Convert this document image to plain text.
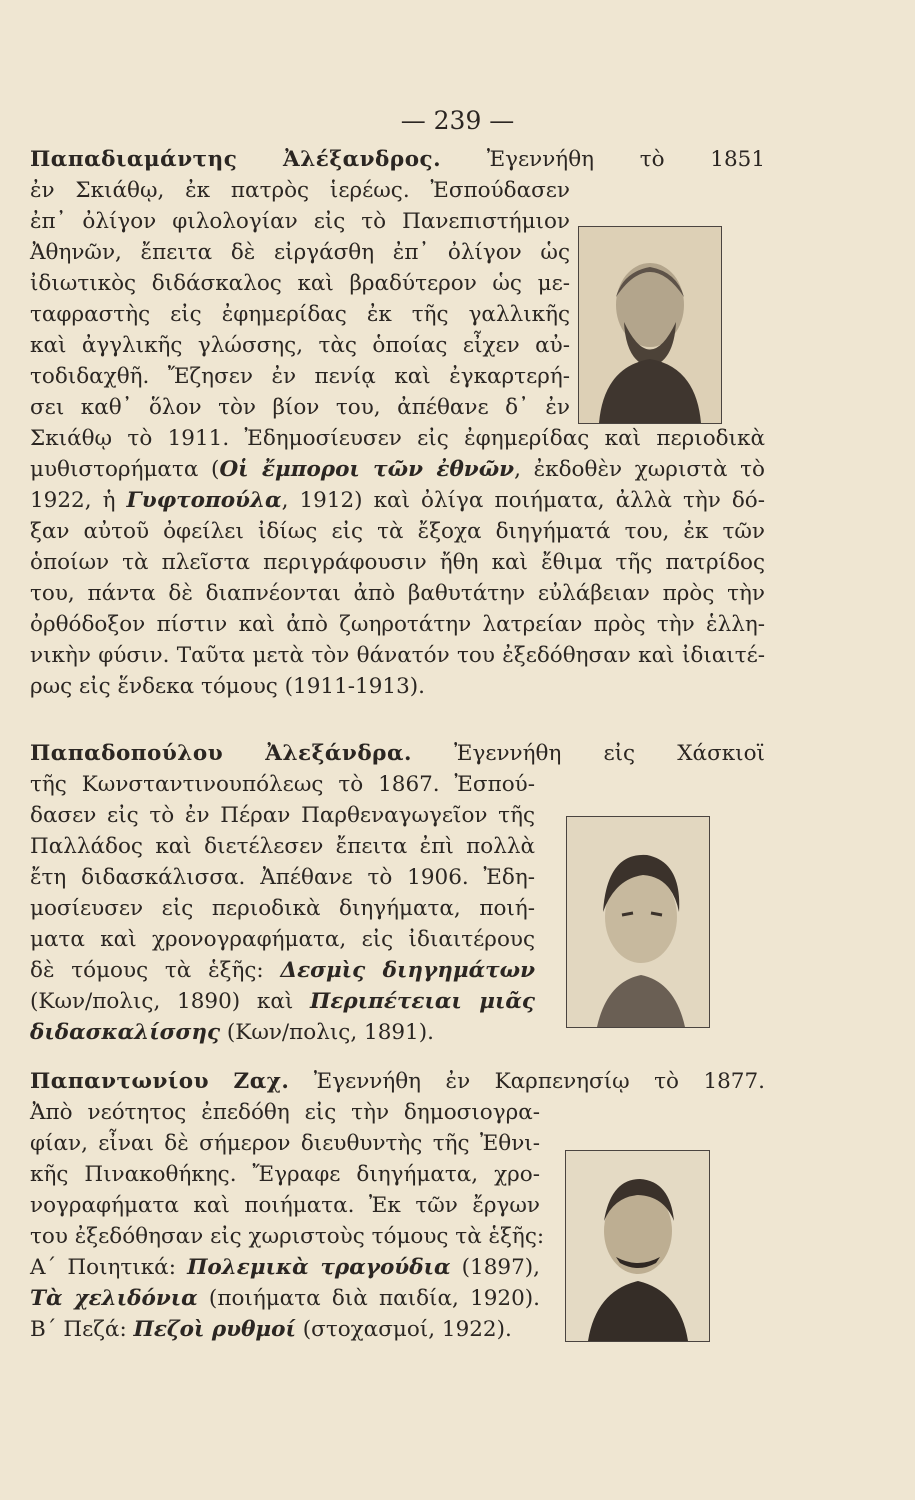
— 239 —
Παπαδιαμάντης Ἀλέξανδρος. Ἐγεννήθη τὸ 1851
ἐν Σκιάθῳ, ἐκ πατρὸς ἱερέως. Ἐσπούδασεν
ἐπ᾿ ὀλίγον φιλολογίαν εἰς τὸ Πανεπιστήμιον
Ἀθηνῶν, ἔπειτα δὲ εἰργάσθη ἐπ᾿ ὀλίγον ὡς
ἰδιωτικὸς διδάσκαλος καὶ βραδύτερον ὡς με-
ταφραστὴς εἰς ἐφημερίδας ἐκ τῆς γαλλικῆς
καὶ ἀγγλικῆς γλώσσης, τὰς ὁποίας εἶχεν αὐ-
τοδιδαχθῆ. Ἔζησεν ἐν πενίᾳ καὶ ἐγκαρτερή-
σει καθ᾿ ὅλον τὸν βίον του, ἀπέθανε δ᾿ ἐν
Σκιάθῳ τὸ 1911. Ἐδημοσίευσεν εἰς ἐφημερίδας καὶ περιοδικὰ
μυθιστορήματα (Οἱ ἔμποροι τῶν ἐθνῶν, ἐκδοθὲν χωριστὰ τὸ
1922, ἡ Γυφτοπούλα, 1912) καὶ ὀλίγα ποιήματα, ἀλλὰ τὴν δό-
ξαν αὐτοῦ ὀφείλει ἰδίως εἰς τὰ ἔξοχα διηγήματά του, ἐκ τῶν
ὁποίων τὰ πλεῖστα περιγράφουσιν ἤθη καὶ ἔθιμα τῆς πατρίδος
του, πάντα δὲ διαπνέονται ἀπὸ βαθυτάτην εὐλάβειαν πρὸς τὴν
ὀρθόδοξον πίστιν καὶ ἀπὸ ζωηροτάτην λατρείαν πρὸς τὴν ἑλλη-
νικὴν φύσιν. Ταῦτα μετὰ τὸν θάνατόν του ἐξεδόθησαν καὶ ἰδιαιτέ-
ρως εἰς ἕνδεκα τόμους (1911-1913).
Παπαδοπούλου Ἀλεξάνδρα. Ἐγεννήθη εἰς Χάσκιοϊ
τῆς Κωνσταντινουπόλεως τὸ 1867. Ἐσπού-
δασεν εἰς τὸ ἐν Πέραν Παρθεναγωγεῖον τῆς
Παλλάδος καὶ διετέλεσεν ἔπειτα ἐπὶ πολλὰ
ἔτη διδασκάλισσα. Ἀπέθανε τὸ 1906. Ἐδη-
μοσίευσεν εἰς περιοδικὰ διηγήματα, ποιή-
ματα καὶ χρονογραφήματα, εἰς ἰδιαιτέρους
δὲ τόμους τὰ ἑξῆς: Δεσμὶς διηγημάτων
(Κων/πολις, 1890) καὶ Περιπέτειαι μιᾶς
διδασκαλίσσης (Κων/πολις, 1891).
Παπαντωνίου Ζαχ. Ἐγεννήθη ἐν Καρπενησίῳ τὸ 1877.
Ἀπὸ νεότητος ἐπεδόθη εἰς τὴν δημοσιογρα-
φίαν, εἶναι δὲ σήμερον διευθυντὴς τῆς Ἐθνι-
κῆς Πινακοθήκης. Ἔγραφε διηγήματα, χρο-
νογραφήματα καὶ ποιήματα. Ἐκ τῶν ἔργων
του ἐξεδόθησαν εἰς χωριστοὺς τόμους τὰ ἑξῆς:
Α΄ Ποιητικά: Πολεμικὰ τραγούδια (1897),
Τὰ χελιδόνια (ποιήματα διὰ παιδία, 1920).
Β΄ Πεζά: Πεζοὶ ρυθμοί (στοχασμοί, 1922).
